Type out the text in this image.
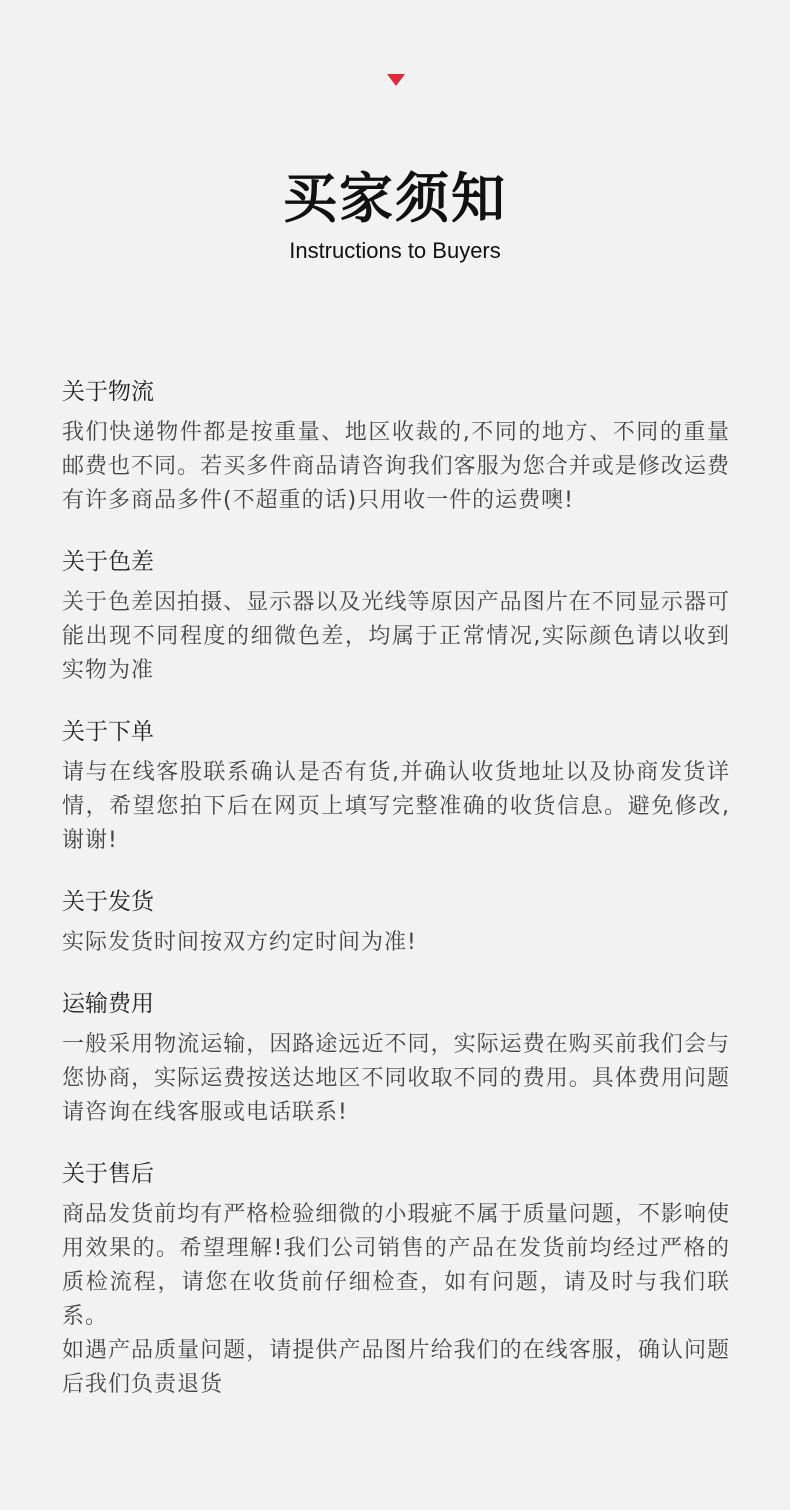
买家须知
Instructions to Buyers
关于物流

我们快递物件都是按重量、地区收裁的,不同的地方、不同的重量邮费也不同。若买多件商品请咨询我们客服为您合并或是修改运费有许多商品多件(不超重的话)只用收一件的运费噢!

关于色差

关于色差因拍摄、显示器以及光线等原因产品图片在不同显示器可能出现不同程度的细微色差，均属于正常情况,实际颜色请以收到实物为准

关于下单

请与在线客股联系确认是否有货,并确认收货地址以及协商发货详情，希望您拍下后在网页上填写完整准确的收货信息。避免修改,谢谢!

关于发货

实际发货时间按双方约定时间为准!

运输费用

一般采用物流运输，因路途远近不同，实际运费在购买前我们会与您协商，实际运费按送达地区不同收取不同的费用。具体费用问题请咨询在线客服或电话联系!

关于售后

商品发货前均有严格检验细微的小瑕疵不属于质量问题，不影响使用效果的。希望理解!我们公司销售的产品在发货前均经过严格的质检流程，请您在收货前仔细检查，如有问题，请及时与我们联系。

如遇产品质量问题，请提供产品图片给我们的在线客服，确认问题后我们负责退货
